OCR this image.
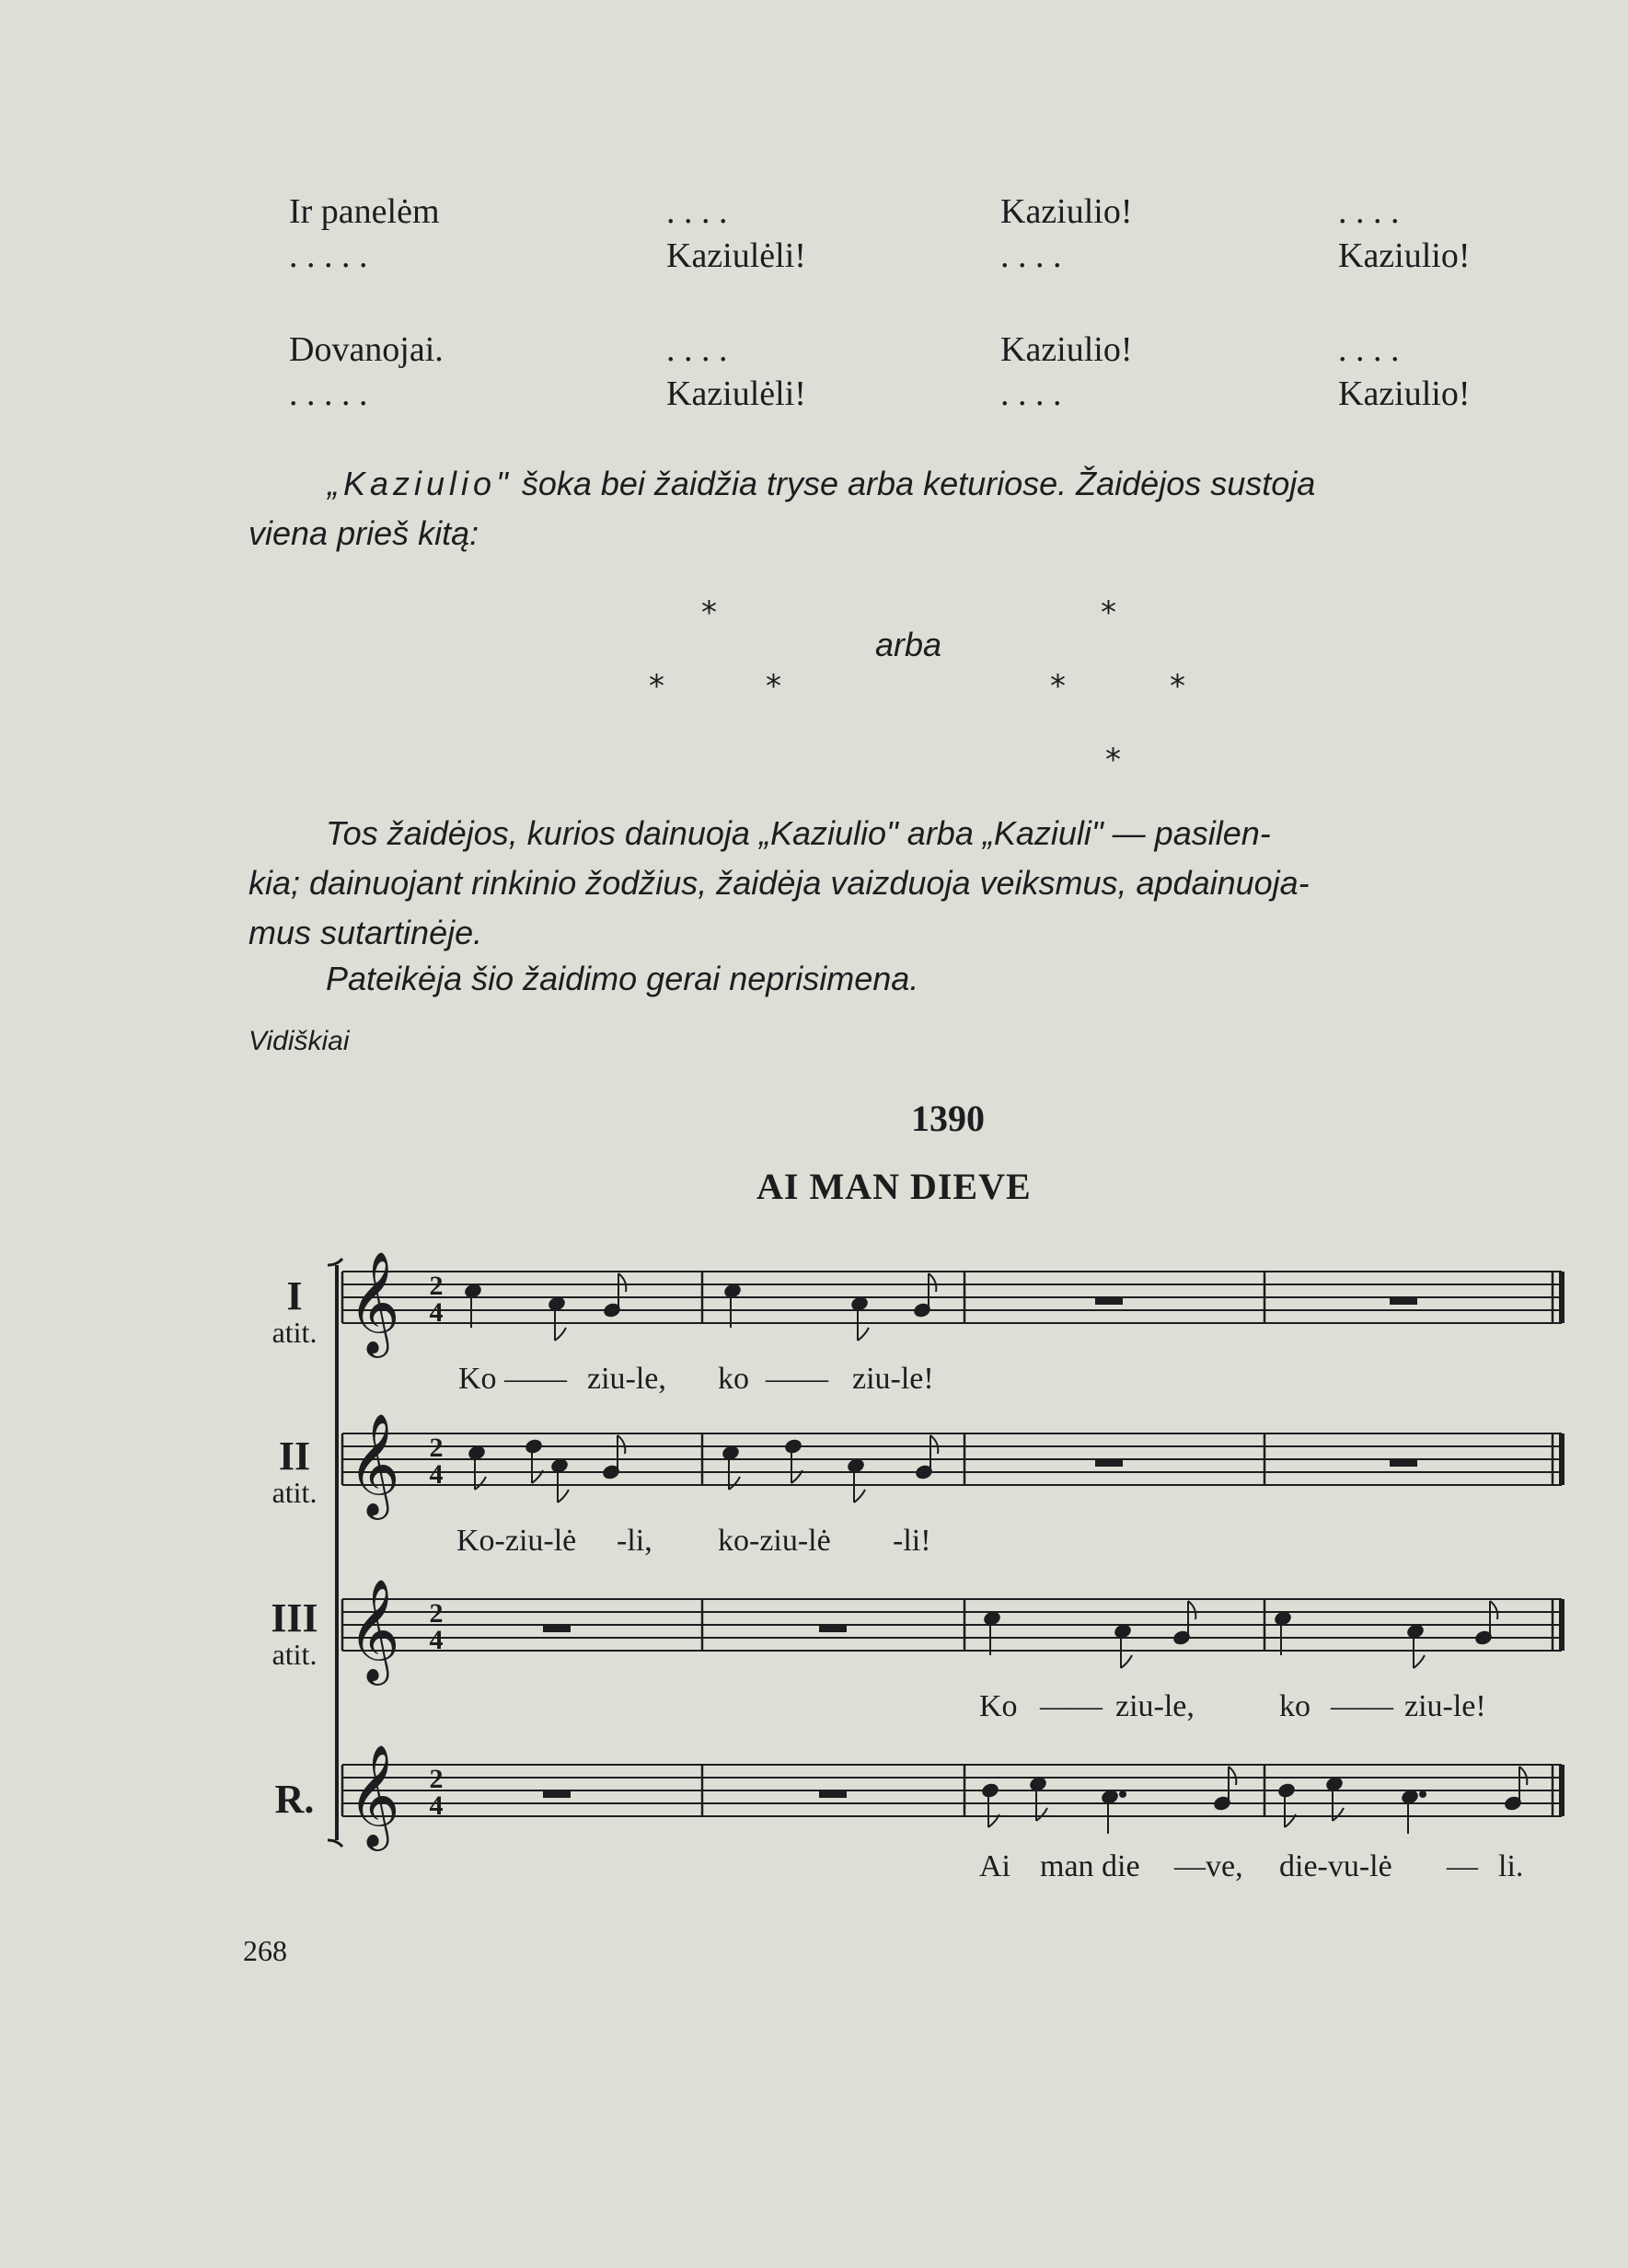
Ir panelėm	. . . .	Kaziulio!	. . . .
. . . . .	Kaziulėli!	. . . .	Kaziulio!
Dovanojai.	. . . .	Kaziulio!	. . . .
. . . . .	Kaziulėli!	. . . .	Kaziulio!
„Kaziulio" šoka bei žaidžia tryse arba keturiose. Žaidėjos sustoja
viena prieš kitą:
*	*
arba
*	*	*	*
*
Tos žaidėjos, kurios dainuoja „Kaziulio" arba „Kaziuli" — pasilen-
kia; dainuojant rinkinio žodžius, žaidėja vaizduoja veiksmus, apdainuoja-
mus sutartinėje.
Pateikėja šio žaidimo gerai neprisimena.
Vidiškiai
1390
AI MAN DIEVE
I
atit.
II
atit.
III
atit.
R.
𝄞
𝄞
𝄞
𝄞
2
4
2
4
2
4
2
4
Ko —— ziu-le, ko —— ziu-le!
Ko-ziu-lė -li, ko-ziu-lė -li!
Ko —— ziu-le,	ko —— ziu-le!
Ai man die —ve, die-vu-lė — li.
268
